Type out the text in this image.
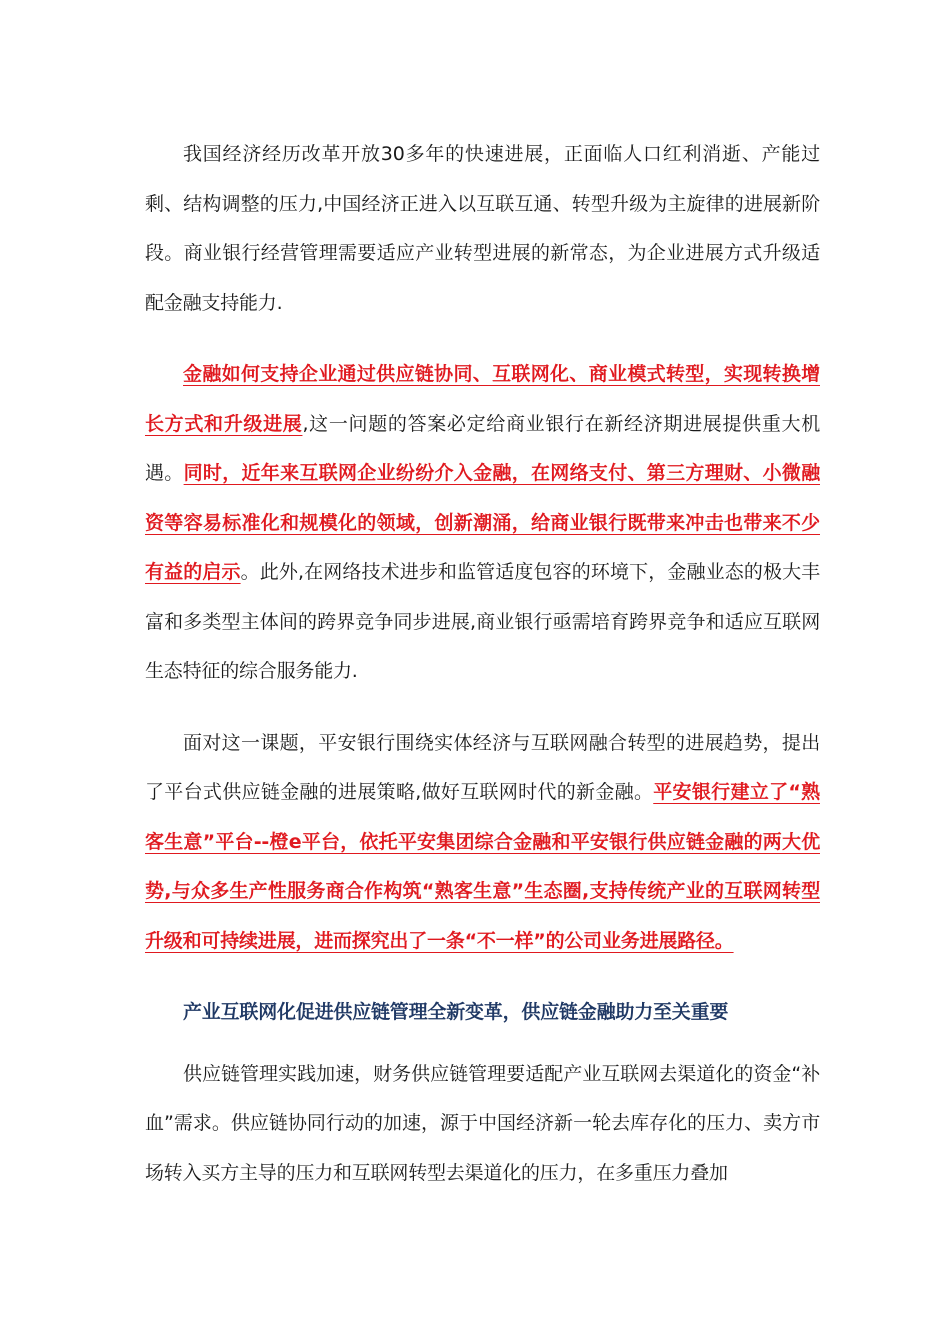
我国经济经历改革开放30多年的快速进展，正面临人口红利消逝、产能过剩、结构调整的压力,中国经济正进入以互联互通、转型升级为主旋律的进展新阶段。商业银行经营管理需要适应产业转型进展的新常态，为企业进展方式升级适配金融支持能力.

金融如何支持企业通过供应链协同、互联网化、商业模式转型，实现转换增长方式和升级进展,这一问题的答案必定给商业银行在新经济期进展提供重大机遇。同时，近年来互联网企业纷纷介入金融，在网络支付、第三方理财、小微融资等容易标准化和规模化的领域，创新潮涌，给商业银行既带来冲击也带来不少有益的启示。此外,在网络技术进步和监管适度包容的环境下，金融业态的极大丰富和多类型主体间的跨界竞争同步进展,商业银行亟需培育跨界竞争和适应互联网生态特征的综合服务能力.

面对这一课题，平安银行围绕实体经济与互联网融合转型的进展趋势，提出了平台式供应链金融的进展策略,做好互联网时代的新金融。平安银行建立了“熟客生意”平台--橙e平台，依托平安集团综合金融和平安银行供应链金融的两大优势,与众多生产性服务商合作构筑“熟客生意”生态圈,支持传统产业的互联网转型升级和可持续进展，进而探究出了一条“不一样”的公司业务进展路径。

产业互联网化促进供应链管理全新变革，供应链金融助力至关重要

供应链管理实践加速，财务供应链管理要适配产业互联网去渠道化的资金“补血”需求。供应链协同行动的加速，源于中国经济新一轮去库存化的压力、卖方市场转入买方主导的压力和互联网转型去渠道化的压力，在多重压力叠加
